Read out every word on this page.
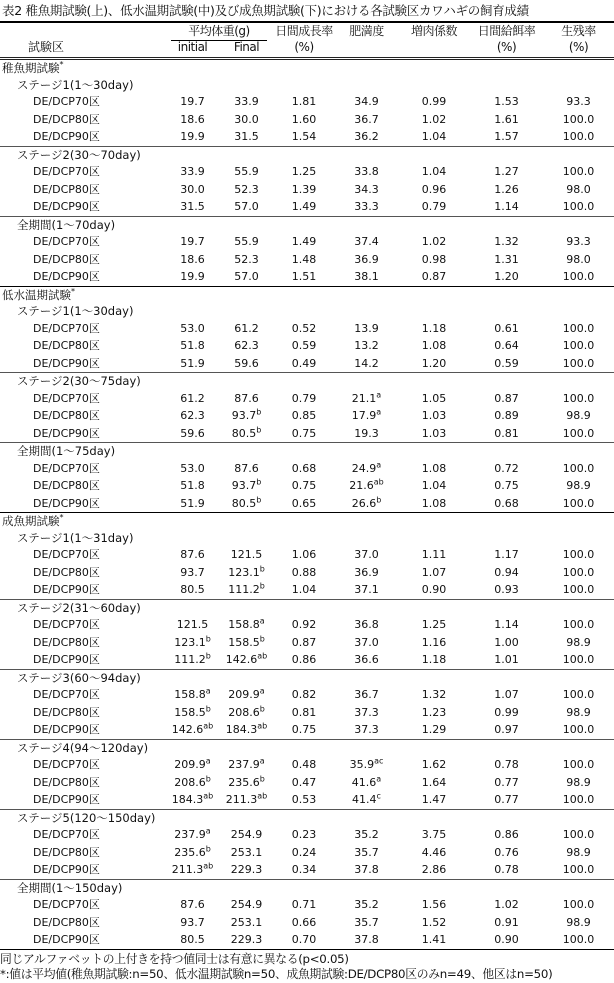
表2 稚魚期試験(上)、低水温期試験(中)及び成魚期試験(下)における各試験区カワハギの飼育成績
平均体重(g)	日間成長率	肥満度	増肉係数	日間給餌率	生残率
試験区	initial	Final	(%)	(%)	(%)
稚魚期試験*
ステージ1(1〜30day)
DE/DCP70区	19.7	33.9	1.81	34.9	0.99	1.53	93.3
DE/DCP80区	18.6	30.0	1.60	36.7	1.02	1.61	100.0
DE/DCP90区	19.9	31.5	1.54	36.2	1.04	1.57	100.0
ステージ2(30〜70day)
DE/DCP70区	33.9	55.9	1.25	33.8	1.04	1.27	100.0
DE/DCP80区	30.0	52.3	1.39	34.3	0.96	1.26	98.0
DE/DCP90区	31.5	57.0	1.49	33.3	0.79	1.14	100.0
全期間(1〜70day)
DE/DCP70区	19.7	55.9	1.49	37.4	1.02	1.32	93.3
DE/DCP80区	18.6	52.3	1.48	36.9	0.98	1.31	98.0
DE/DCP90区	19.9	57.0	1.51	38.1	0.87	1.20	100.0
低水温期試験*
ステージ1(1〜30day)
DE/DCP70区	53.0	61.2	0.52	13.9	1.18	0.61	100.0
DE/DCP80区	51.8	62.3	0.59	13.2	1.08	0.64	100.0
DE/DCP90区	51.9	59.6	0.49	14.2	1.20	0.59	100.0
ステージ2(30〜75day)
DE/DCP70区	61.2	87.6	0.79	21.1$^a$	1.05	0.87	100.0
DE/DCP80区	62.3	93.7$^b$	0.85	17.9$^a$	1.03	0.89	98.9
DE/DCP90区	59.6	80.5$^b$	0.75	19.3	1.03	0.81	100.0
全期間(1〜75day)
DE/DCP70区	53.0	87.6	0.68	24.9$^a$	1.08	0.72	100.0
DE/DCP80区	51.8	93.7$^b$	0.75	21.6$^{ab}$	1.04	0.75	98.9
DE/DCP90区	51.9	80.5$^b$	0.65	26.6$^b$	1.08	0.68	100.0
成魚期試験*
ステージ1(1〜31day)
DE/DCP70区	87.6	121.5	1.06	37.0	1.11	1.17	100.0
DE/DCP80区	93.7	123.1$^b$	0.88	36.9	1.07	0.94	100.0
DE/DCP90区	80.5	111.2$^b$	1.04	37.1	0.90	0.93	100.0
ステージ2(31〜60day)
DE/DCP70区	121.5	158.8$^a$	0.92	36.8	1.25	1.14	100.0
DE/DCP80区	123.1$^b$	158.5$^b$	0.87	37.0	1.16	1.00	98.9
DE/DCP90区	111.2$^b$	142.6$^{ab}$	0.86	36.6	1.18	1.01	100.0
ステージ3(60〜94day)
DE/DCP70区	158.8$^a$	209.9$^a$	0.82	36.7	1.32	1.07	100.0
DE/DCP80区	158.5$^b$	208.6$^b$	0.81	37.3	1.23	0.99	98.9
DE/DCP90区	142.6$^{ab}$	184.3$^{ab}$	0.75	37.3	1.29	0.97	100.0
ステージ4(94〜120day)
DE/DCP70区	209.9$^a$	237.9$^a$	0.48	35.9$^{ac}$	1.62	0.78	100.0
DE/DCP80区	208.6$^b$	235.6$^b$	0.47	41.6$^a$	1.64	0.77	98.9
DE/DCP90区	184.3$^{ab}$	211.3$^{ab}$	0.53	41.4$^c$	1.47	0.77	100.0
ステージ5(120〜150day)
DE/DCP70区	237.9$^a$	254.9	0.23	35.2	3.75	0.86	100.0
DE/DCP80区	235.6$^b$	253.1	0.24	35.7	4.46	0.76	98.9
DE/DCP90区	211.3$^{ab}$	229.3	0.34	37.8	2.86	0.78	100.0
全期間(1〜150day)
DE/DCP70区	87.6	254.9	0.71	35.2	1.56	1.02	100.0
DE/DCP80区	93.7	253.1	0.66	35.7	1.52	0.91	98.9
DE/DCP90区	80.5	229.3	0.70	37.8	1.41	0.90	100.0
同じアルファベットの上付きを持つ値同士は有意に異なる(p<0.05)
*:値は平均値(稚魚期試験:n=50、低水温期試験n=50、成魚期試験:DE/DCP80区のみn=49、他区はn=50)
